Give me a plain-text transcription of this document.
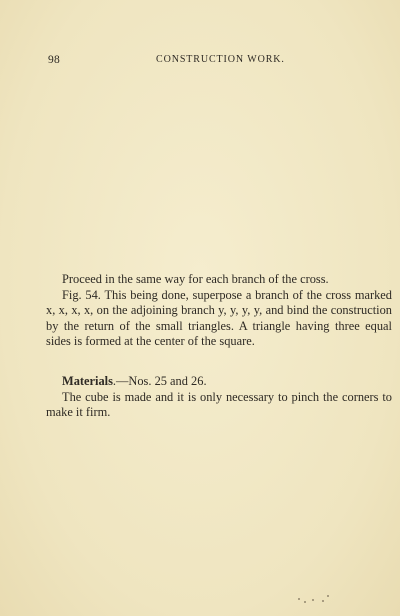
98	CONSTRUCTION WORK.

Proceed in the same way for each branch of the cross.

Fig. 54. This being done, superpose a branch of the cross marked x, x, x, x, on the adjoining branch y, y, y, y, and bind the construction by the return of the small triangles. A triangle having three equal sides is formed at the center of the square.

Materials.—Nos. 25 and 26.

The cube is made and it is only necessary to pinch the corners to make it firm.
